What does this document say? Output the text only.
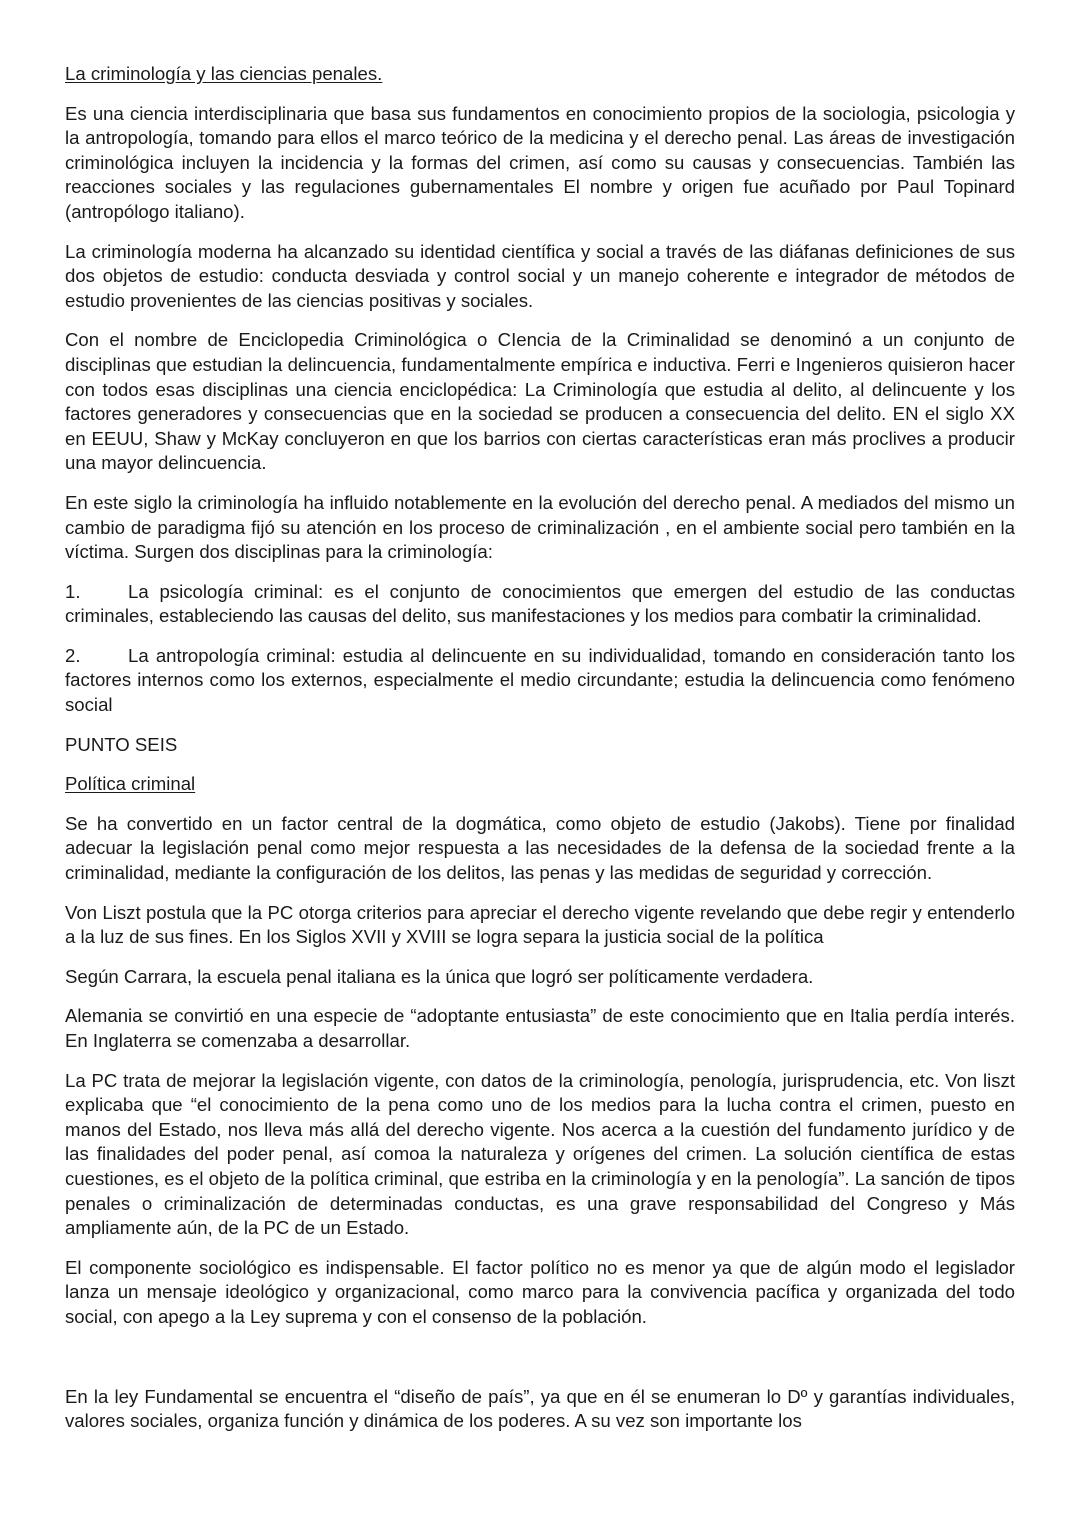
La criminología y las ciencias penales.

Es una ciencia interdisciplinaria que basa sus fundamentos en conocimiento propios de la sociologia, psicologia y la antropología, tomando para ellos el marco teórico de la medicina y el derecho penal. Las áreas de investigación criminológica incluyen la incidencia y la formas del crimen, así como su causas y consecuencias. También las reacciones sociales y las regulaciones gubernamentales El nombre y origen fue acuñado por Paul Topinard (antropólogo italiano).

La criminología moderna ha alcanzado su identidad científica y social a través de las diáfanas definiciones de sus dos objetos de estudio: conducta desviada y control social y un manejo coherente e integrador de métodos de estudio provenientes de las ciencias positivas y sociales.

Con el nombre de Enciclopedia Criminológica o CIencia de la Criminalidad se denominó a un conjunto de disciplinas que estudian la delincuencia, fundamentalmente empírica e inductiva. Ferri e Ingenieros quisieron hacer con todos esas disciplinas una ciencia enciclopédica: La Criminología que estudia al delito, al delincuente y los factores generadores y consecuencias que en la sociedad se producen a consecuencia del delito. EN el siglo XX en EEUU, Shaw y McKay concluyeron en que los barrios con ciertas características eran más proclives a producir una mayor delincuencia.

En este siglo la criminología ha influido notablemente en la evolución del derecho penal. A mediados del mismo un cambio de paradigma fijó su atención en los proceso de criminalización , en el ambiente social pero también en la víctima. Surgen dos disciplinas para la criminología:

1.	La psicología criminal: es el conjunto de conocimientos que emergen del estudio de las conductas criminales, estableciendo las causas del delito, sus manifestaciones y los medios para combatir la criminalidad.

2.	La antropología criminal: estudia al delincuente en su individualidad, tomando en consideración tanto los factores internos como los externos, especialmente el medio circundante; estudia la delincuencia como fenómeno social

PUNTO SEIS

Política criminal

Se ha convertido en un factor central de la dogmática, como objeto de estudio (Jakobs). Tiene por finalidad adecuar la legislación penal como mejor respuesta a las necesidades de la defensa de la sociedad frente a la criminalidad, mediante la configuración de los delitos, las penas y las medidas de seguridad y corrección.

Von Liszt postula que la PC otorga criterios para apreciar el derecho vigente revelando que debe regir y entenderlo a la luz de sus fines. En los Siglos XVII y XVIII se logra separa la justicia social de la política

Según Carrara, la escuela penal italiana es la única que logró ser políticamente verdadera.

Alemania se convirtió en una especie de “adoptante entusiasta” de este conocimiento que en Italia perdía interés. En Inglaterra se comenzaba a desarrollar.

La PC trata de mejorar la legislación vigente, con datos de la criminología, penología, jurisprudencia, etc. Von liszt explicaba que “el conocimiento de la pena como uno de los medios para la lucha contra el crimen, puesto en manos del Estado, nos lleva más allá del derecho vigente. Nos acerca a la cuestión del fundamento jurídico y de las finalidades del poder penal, así comoa la naturaleza y orígenes del crimen. La solución científica de estas cuestiones, es el objeto de la política criminal, que estriba en la criminología y en la penología”. La sanción de tipos penales o criminalización de determinadas conductas, es una grave responsabilidad del Congreso y Más ampliamente aún, de la PC de un Estado.

El componente sociológico es indispensable. El factor político no es menor ya que de algún modo el legislador lanza un mensaje ideológico y organizacional, como marco para la convivencia pacífica y organizada del todo social, con apego a la Ley suprema y con el consenso de la población.

En la ley Fundamental se encuentra el “diseño de país”, ya que en él se enumeran lo Dº y garantías individuales, valores sociales, organiza función y dinámica de los poderes. A su vez son importante los
